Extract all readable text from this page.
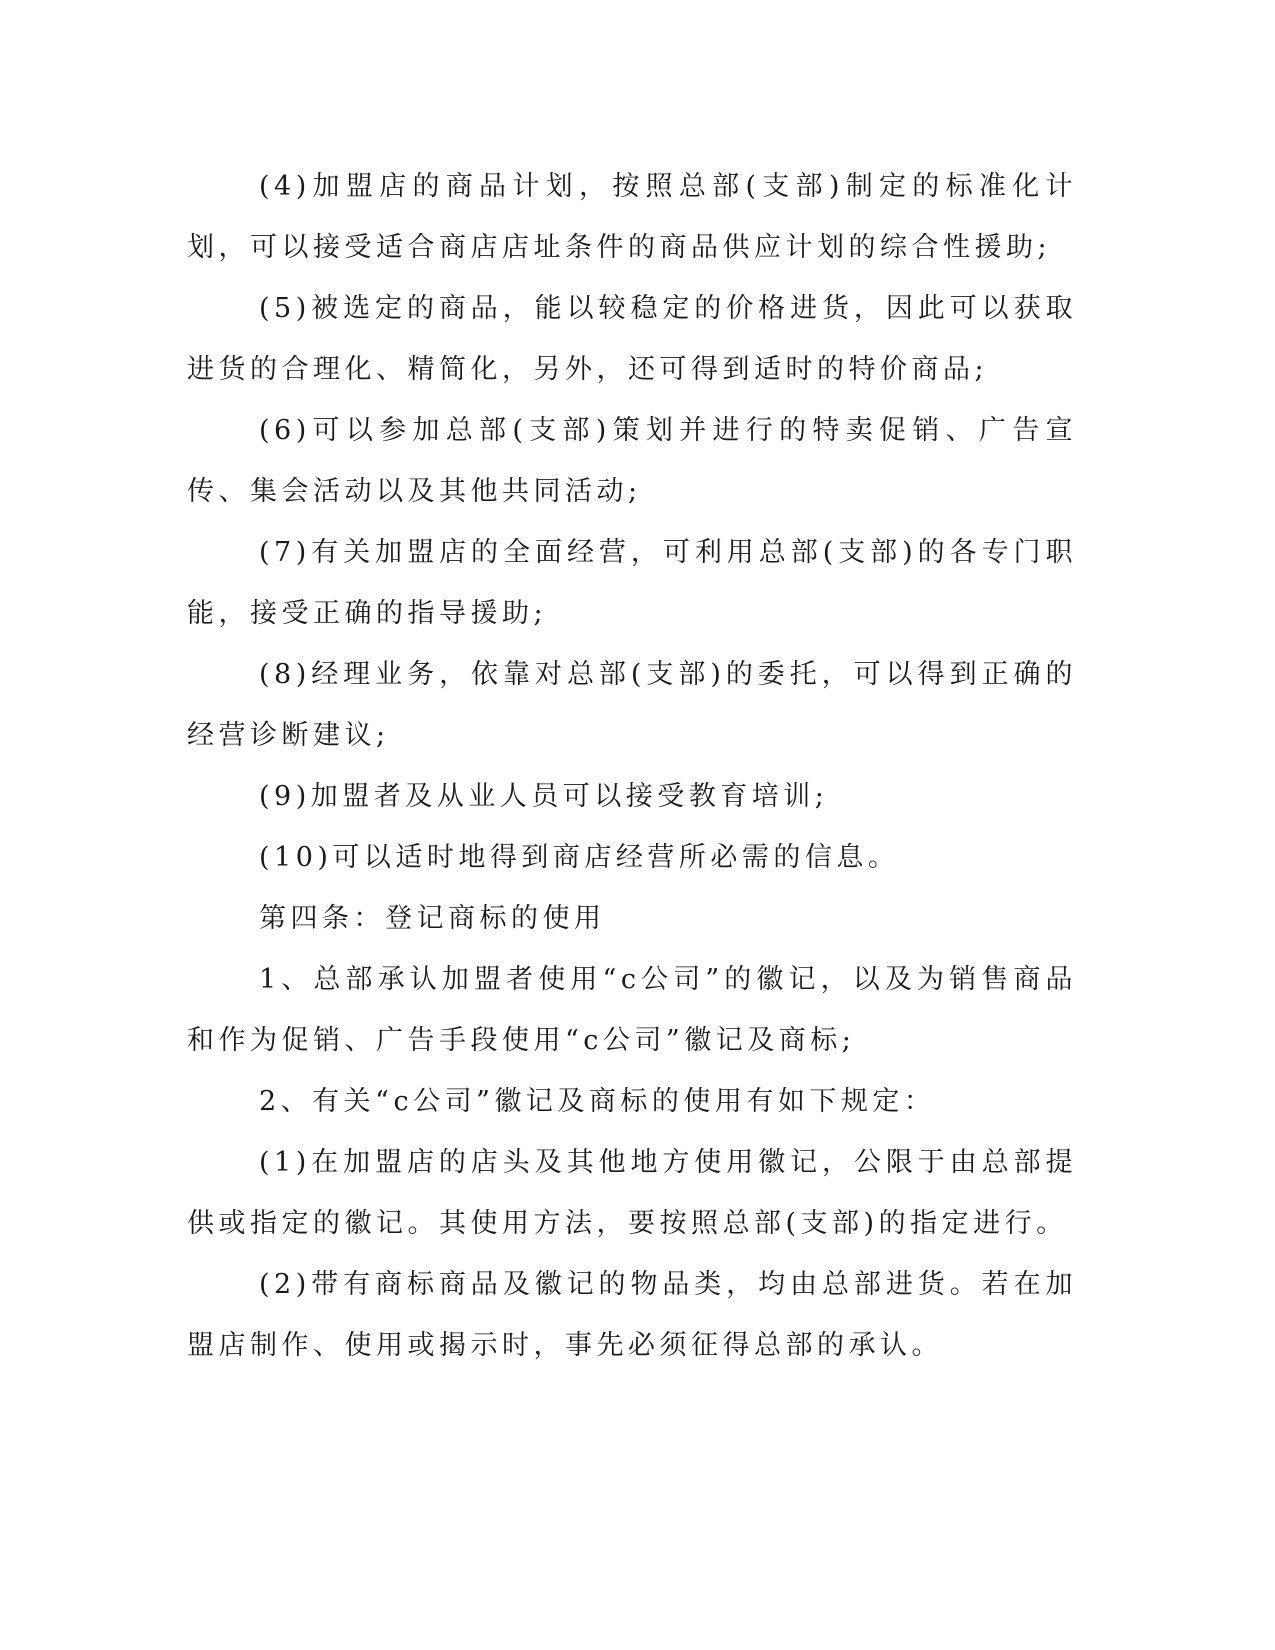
(4)加盟店的商品计划，按照总部(支部)制定的标准化计划，可以接受适合商店店址条件的商品供应计划的综合性援助;

(5)被选定的商品，能以较稳定的价格进货，因此可以获取进货的合理化、精简化，另外，还可得到适时的特价商品;

(6)可以参加总部(支部)策划并进行的特卖促销、广告宣传、集会活动以及其他共同活动;

(7)有关加盟店的全面经营，可利用总部(支部)的各专门职能，接受正确的指导援助;

(8)经理业务，依靠对总部(支部)的委托，可以得到正确的经营诊断建议;

(9)加盟者及从业人员可以接受教育培训;

(10)可以适时地得到商店经营所必需的信息。

第四条：登记商标的使用

1、总部承认加盟者使用“c公司”的徽记，以及为销售商品和作为促销、广告手段使用“c公司”徽记及商标;

2、有关“c公司”徽记及商标的使用有如下规定：

(1)在加盟店的店头及其他地方使用徽记，公限于由总部提供或指定的徽记。其使用方法，要按照总部(支部)的指定进行。

(2)带有商标商品及徽记的物品类，均由总部进货。若在加盟店制作、使用或揭示时，事先必须征得总部的承认。
